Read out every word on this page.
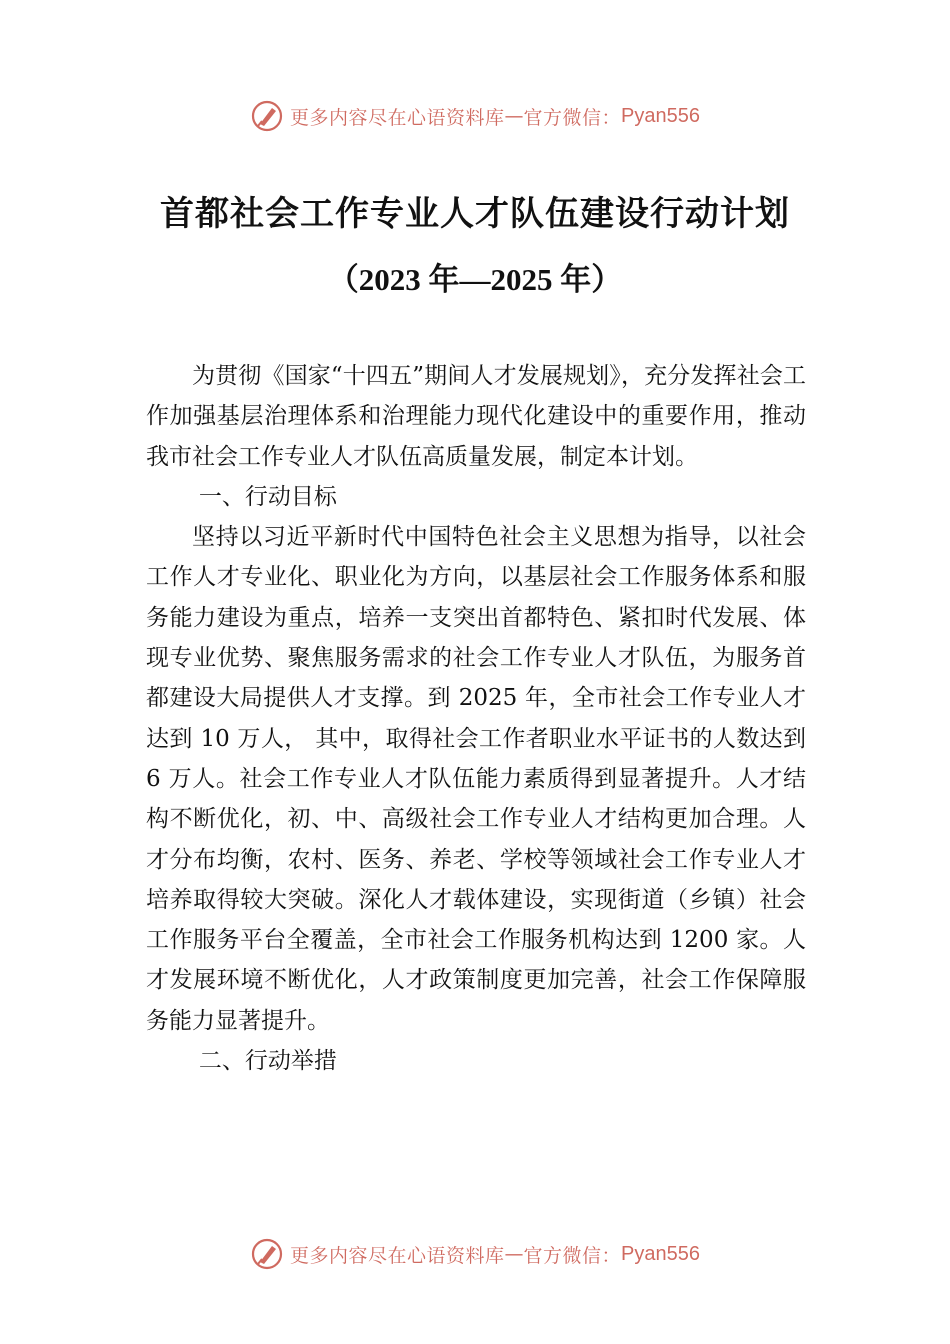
更多内容尽在心语资料库 — 官方微信： Pyan556
首都社会工作专业人才队伍建设行动计划
（2023 年—2025 年）

为贯彻《国家“十四五”期间人才发展规划》，充分发挥社会工作加强基层治理体系和治理能力现代化建设中的重要作用，推动我市社会工作专业人才队伍高质量发展，制定本计划。

一、行动目标

坚持以习近平新时代中国特色社会主义思想为指导，以社会工作人才专业化、职业化为方向，以基层社会工作服务体系和服务能力建设为重点，培养一支突出首都特色、紧扣时代发展、体现专业优势、聚焦服务需求的社会工作专业人才队伍，为服务首都建设大局提供人才支撑。到 2025 年，全市社会工作专业人才达到 10 万人， 其中，取得社会工作者职业水平证书的人数达到 6 万人。社会工作专业人才队伍能力素质得到显著提升。人才结构不断优化，初、中、高级社会工作专业人才结构更加合理。人才分布均衡，农村、医务、养老、学校等领域社会工作专业人才培养取得较大突破。深化人才载体建设，实现街道（乡镇）社会工作服务平台全覆盖，全市社会工作服务机构达到 1200 家。人才发展环境不断优化，人才政策制度更加完善，社会工作保障服务能力显著提升。

二、行动举措

更多内容尽在心语资料库 — 官方微信： Pyan556
